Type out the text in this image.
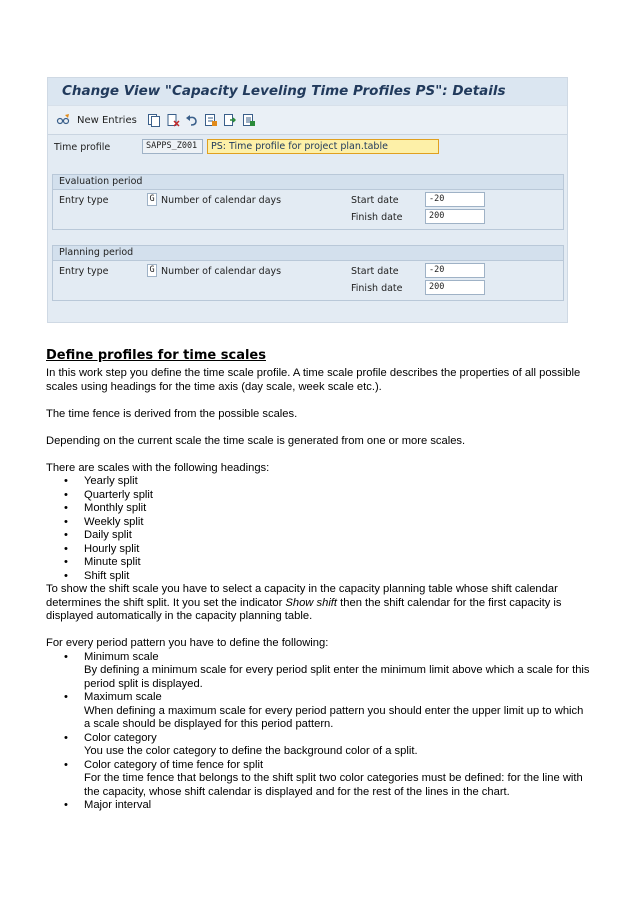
Change View "Capacity Leveling Time Profiles PS": Details
New Entries
Time profile	SAPPS_Z001	PS: Time profile for project plan.table
Evaluation period
Entry type	G Number of calendar days	Start date	-20
Finish date	200
Planning period
Entry type	G Number of calendar days	Start date	-20
Finish date	200
Define profiles for time scales

In this work step you define the time scale profile. A time scale profile describes the properties of all possible scales using headings for the time axis (day scale, week scale etc.).

The time fence is derived from the possible scales.

Depending on the current scale the time scale is generated from one or more scales.

There are scales with the following headings:

• Yearly split
• Quarterly split
• Monthly split
• Weekly split
• Daily split
• Hourly split
• Minute split
• Shift split

To show the shift scale you have to select a capacity in the capacity planning table whose shift calendar determines the shift split. It you set the indicator Show shift then the shift calendar for the first capacity is displayed automatically in the capacity planning table.

For every period pattern you have to define the following:

• Minimum scale
By defining a minimum scale for every period split enter the minimum limit above which a scale for this period split is displayed.
• Maximum scale
When defining a maximum scale for every period pattern you should enter the upper limit up to which a scale should be displayed for this period pattern.
• Color category
You use the color category to define the background color of a split.
• Color category of time fence for split
For the time fence that belongs to the shift split two color categories must be defined: for the line with the capacity, whose shift calendar is displayed and for the rest of the lines in the chart.
• Major interval
